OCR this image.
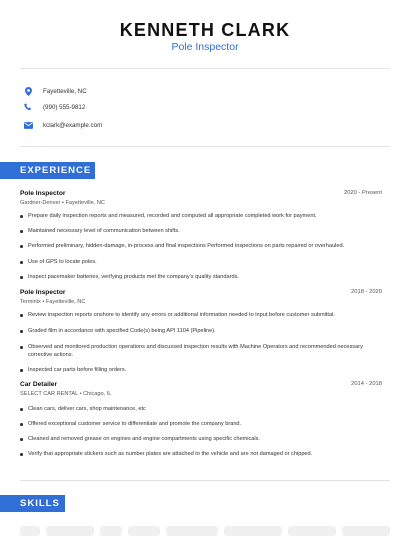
KENNETH CLARK
Pole Inspector
EXPERIENCE
Pole Inspector	2020 - Present
Gardner-Denver • Fayetteville, NC
Prepare daily inspection reports and measured, recorded and computed all appropriate completed work for payment.
Maintained necessary level of communication between shifts.
Performed preliminary, hidden-damage, in-process and final inspections Performed inspections on parts repaired or overhauled.
Use of GPS to locate poles.
Inspect pacemaker batteries, verifying products met the company's quality standards.
Pole Inspector	2018 - 2020
Terminix • Fayetteville, NC
Review inspection reports onshore to identify any errors or additional information needed to input before customer submittal.
Graded film in accordance with specified Code(s) being API 1104 (Pipeline).
Observed and monitored production operations and discussed inspection results with Machine Operators and recommended necessary corrective actions.
Inspected car parts before filling orders.
Car Detailer	2014 - 2018
SELECT CAR RENTAL • Chicago, IL
Clean cars, deliver cars, shop maintenance, etc
Offered exceptional customer service to differentiate and promote the company brand.
Cleaned and removed grease on engines and engine compartments using specific chemicals.
Verify that appropriate stickers such as number plates are attached to the vehicle and are not damaged or chipped.
SKILLS
Fayetteville, NC
(990) 555-9812
kclark@example.com
